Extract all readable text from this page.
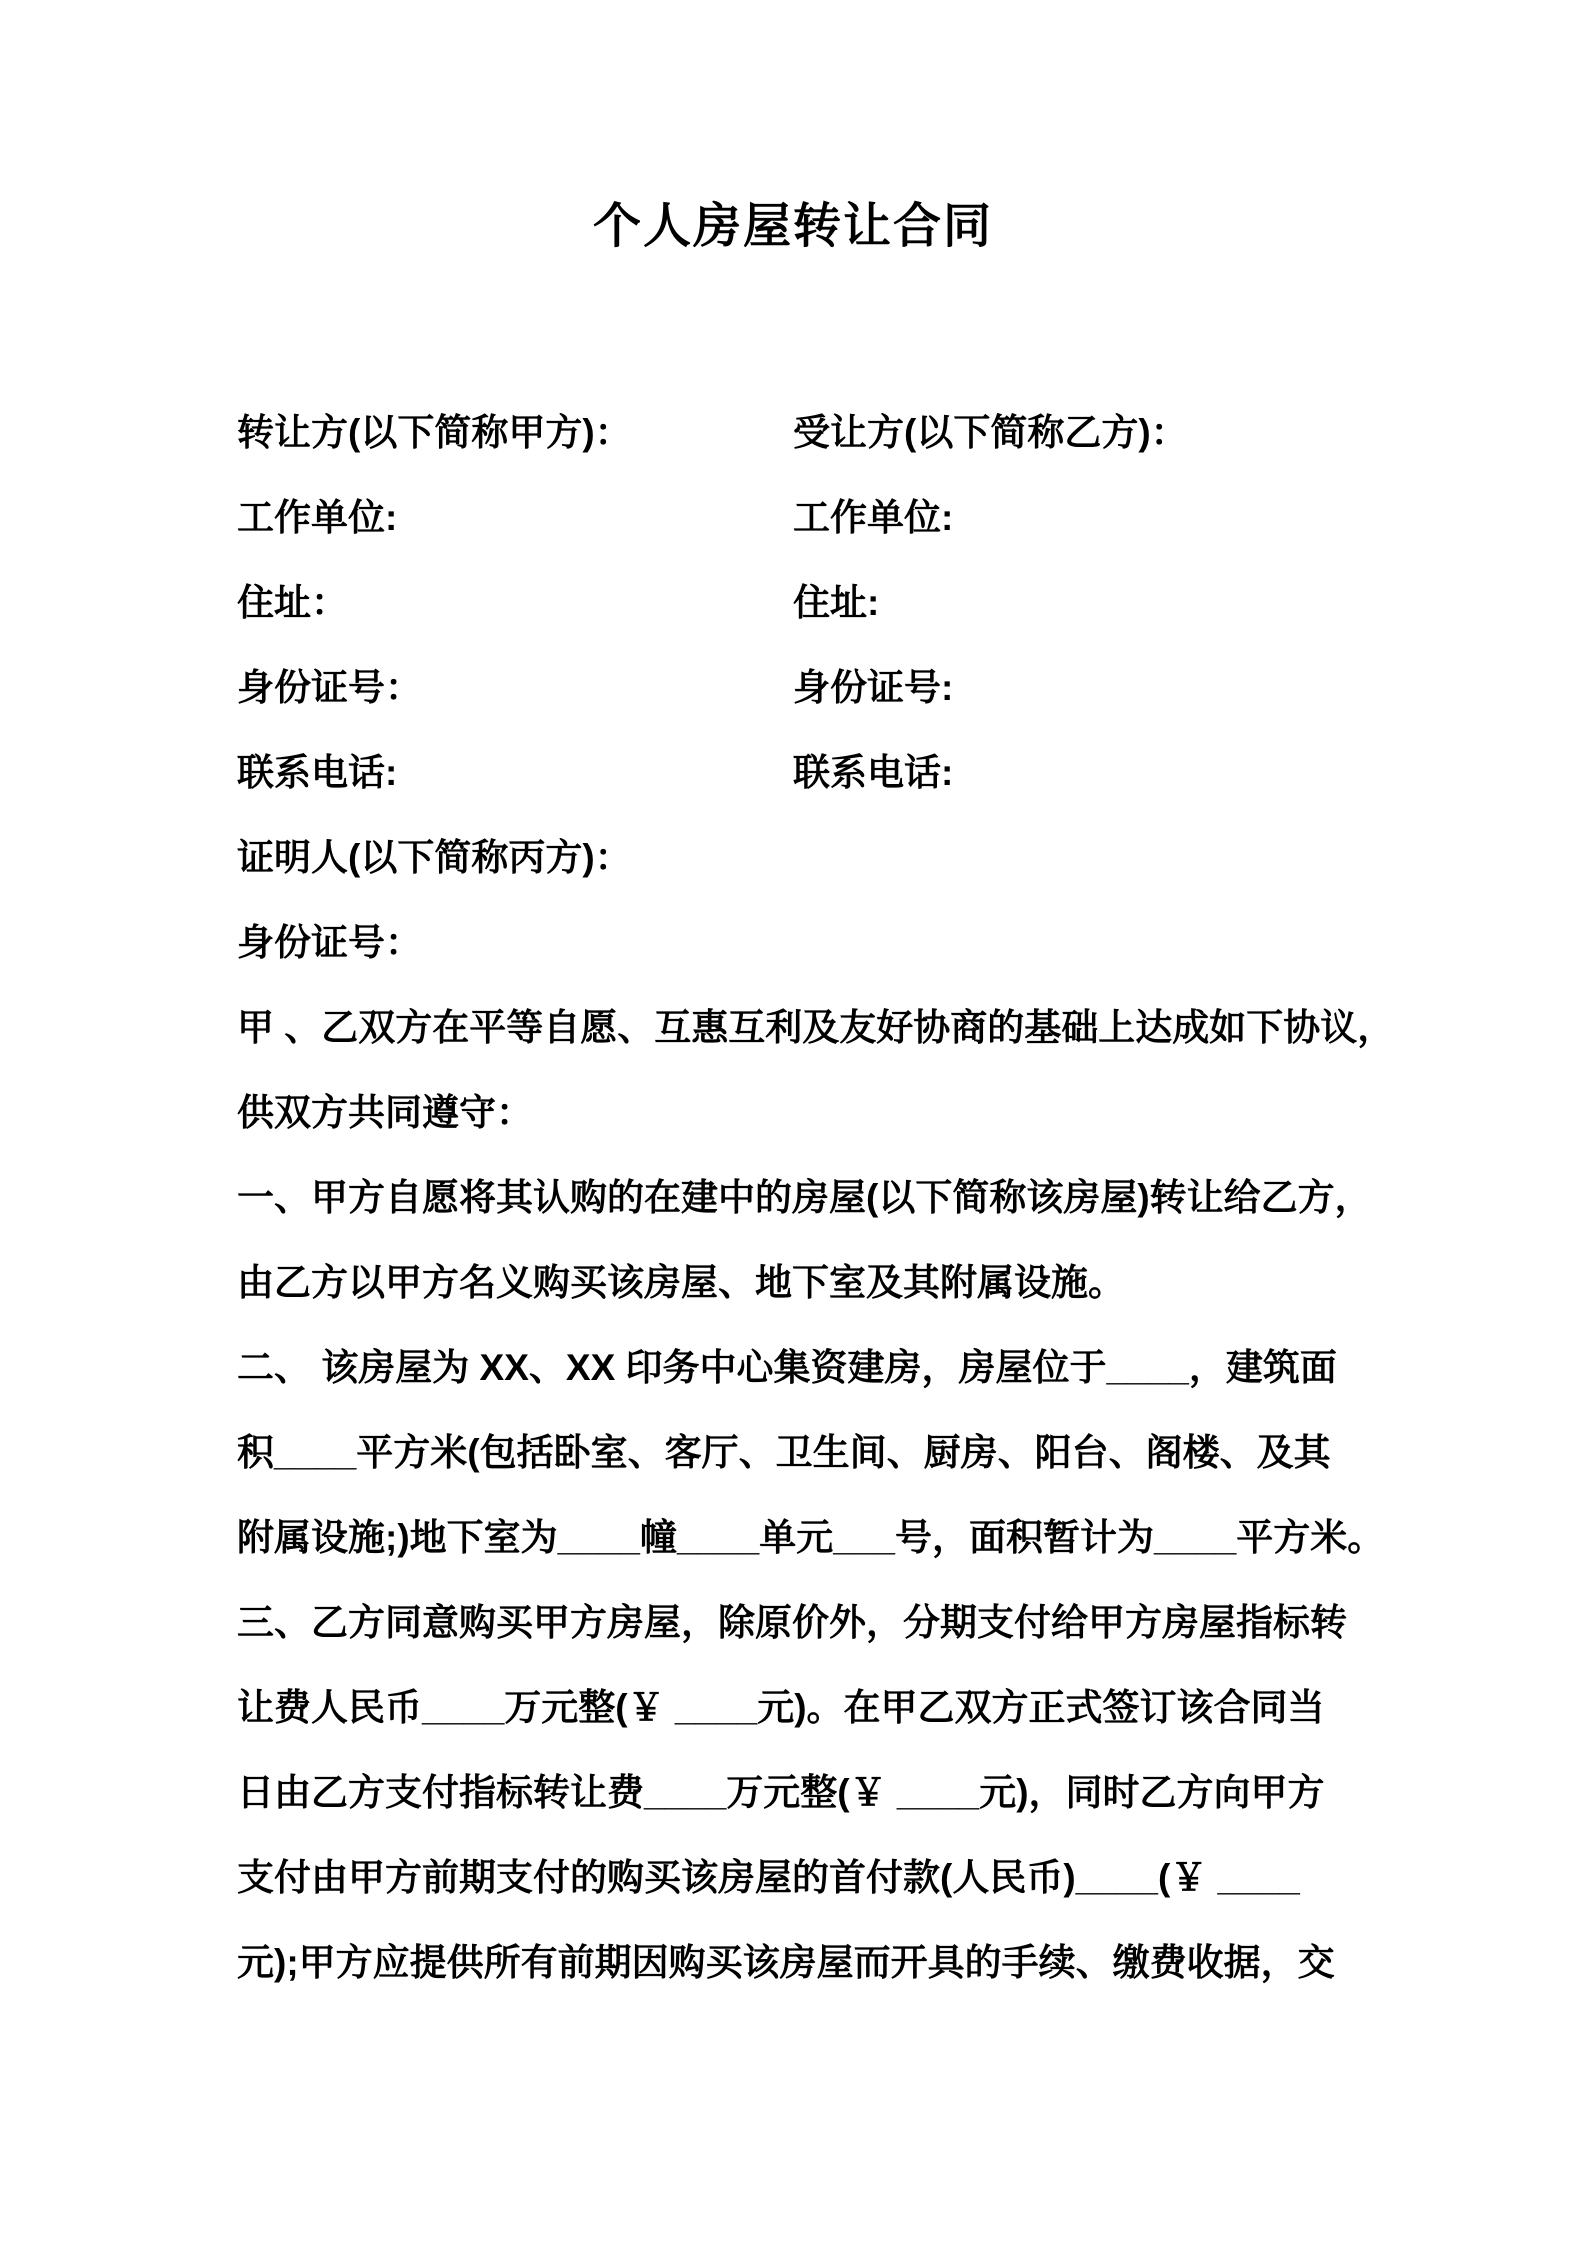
个人房屋转让合同
转让方(以下简称甲方)：	受让方(以下简称乙方)：
工作单位:	工作单位:
住址：	住址:
身份证号：	身份证号:
联系电话:	联系电话:
证明人(以下简称丙方)：
身份证号：
甲 、乙双方在平等自愿、互惠互利及友好协商的基础上达成如下协议，
供双方共同遵守：
一、甲方自愿将其认购的在建中的房屋(以下简称该房屋)转让给乙方，
由乙方以甲方名义购买该房屋、地下室及其附属设施。
二、 该房屋为 XX、XX 印务中心集资建房，房屋位于____，建筑面
积____平方米(包括卧室、客厅、卫生间、厨房、阳台、阁楼、及其
附属设施;)地下室为____幢____单元___号，面积暂计为____平方米。
三、乙方同意购买甲方房屋，除原价外，分期支付给甲方房屋指标转
让费人民币____万元整(￥ ____元)。在甲乙双方正式签订该合同当
日由乙方支付指标转让费____万元整(￥ ____元)，同时乙方向甲方
支付由甲方前期支付的购买该房屋的首付款(人民币)____(￥ ____
元);甲方应提供所有前期因购买该房屋而开具的手续、缴费收据，交
